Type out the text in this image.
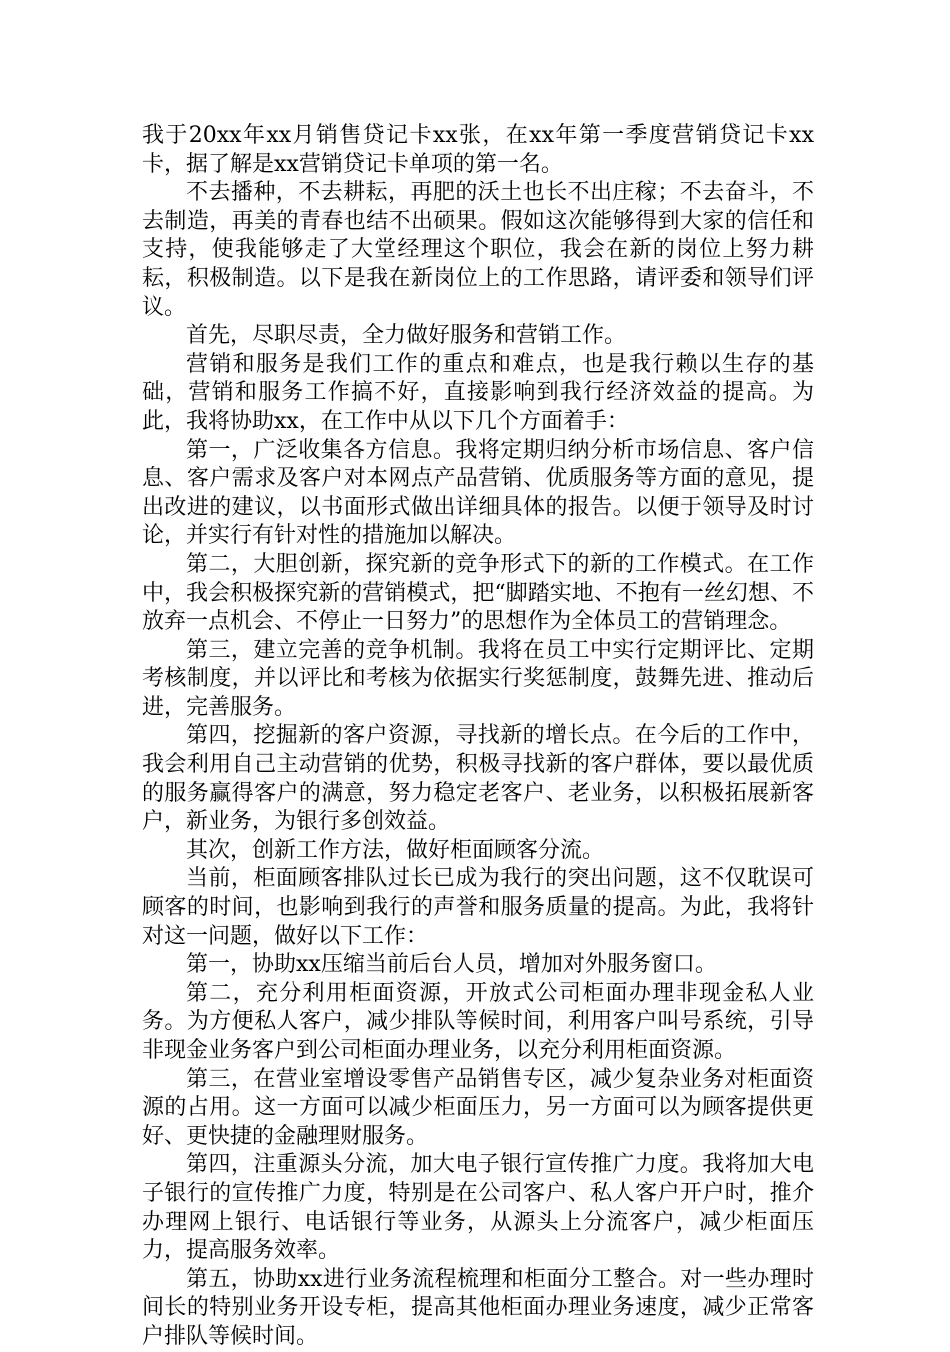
我于20xx年xx月销售贷记卡xx张，在xx年第一季度营销贷记卡xx卡，据了解是xx营销贷记卡单项的第一名。

不去播种，不去耕耘，再肥的沃土也长不出庄稼；不去奋斗，不去制造，再美的青春也结不出硕果。假如这次能够得到大家的信任和支持，使我能够走了大堂经理这个职位，我会在新的岗位上努力耕耘，积极制造。以下是我在新岗位上的工作思路，请评委和领导们评议。

首先，尽职尽责，全力做好服务和营销工作。

营销和服务是我们工作的重点和难点，也是我行赖以生存的基础，营销和服务工作搞不好，直接影响到我行经济效益的提高。为此，我将协助xx，在工作中从以下几个方面着手：

第一，广泛收集各方信息。我将定期归纳分析市场信息、客户信息、客户需求及客户对本网点产品营销、优质服务等方面的意见，提出改进的建议，以书面形式做出详细具体的报告。以便于领导及时讨论，并实行有针对性的措施加以解决。

第二，大胆创新，探究新的竞争形式下的新的工作模式。在工作中，我会积极探究新的营销模式，把“脚踏实地、不抱有一丝幻想、不放弃一点机会、不停止一日努力”的思想作为全体员工的营销理念。

第三，建立完善的竞争机制。我将在员工中实行定期评比、定期考核制度，并以评比和考核为依据实行奖惩制度，鼓舞先进、推动后进，完善服务。

第四，挖掘新的客户资源，寻找新的增长点。在今后的工作中，我会利用自己主动营销的优势，积极寻找新的客户群体，要以最优质的服务赢得客户的满意，努力稳定老客户、老业务，以积极拓展新客户，新业务，为银行多创效益。

其次，创新工作方法，做好柜面顾客分流。

当前，柜面顾客排队过长已成为我行的突出问题，这不仅耽误可顾客的时间，也影响到我行的声誉和服务质量的提高。为此，我将针对这一问题，做好以下工作：

第一，协助xx压缩当前后台人员，增加对外服务窗口。

第二，充分利用柜面资源，开放式公司柜面办理非现金私人业务。为方便私人客户，减少排队等候时间，利用客户叫号系统，引导非现金业务客户到公司柜面办理业务，以充分利用柜面资源。

第三，在营业室增设零售产品销售专区，减少复杂业务对柜面资源的占用。这一方面可以减少柜面压力，另一方面可以为顾客提供更好、更快捷的金融理财服务。

第四，注重源头分流，加大电子银行宣传推广力度。我将加大电子银行的宣传推广力度，特别是在公司客户、私人客户开户时，推介办理网上银行、电话银行等业务，从源头上分流客户，减少柜面压力，提高服务效率。

第五，协助xx进行业务流程梳理和柜面分工整合。对一些办理时间长的特别业务开设专柜，提高其他柜面办理业务速度，减少正常客户排队等候时间。
